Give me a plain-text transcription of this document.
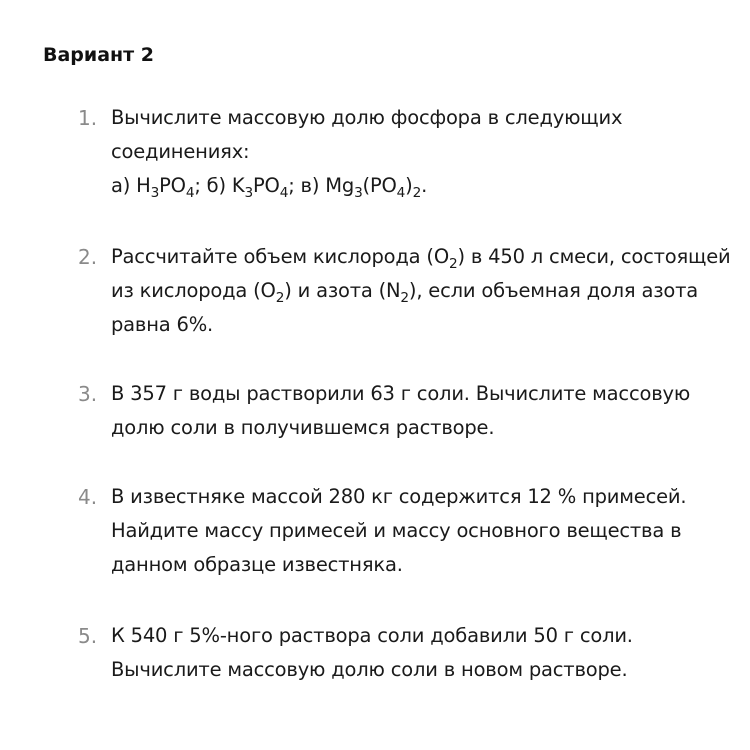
Вариант 2
1. Вычислите массовую долю фосфора в следующих
соединениях:
а) $H_3PO_4$; б) $K_3PO_4$; в) $Mg_3(PO_4)_2$.
2. Рассчитайте объем кислорода $(O_2)$ в 450 л смеси, состоящей
из кислорода $(O_2)$ и азота $(N_2)$, если объемная доля азота
равна 6%.
3. В 357 г воды растворили 63 г соли. Вычислите массовую
долю соли в получившемся растворе.
4. В известняке массой 280 кг содержится 12 % примесей.
Найдите массу примесей и массу основного вещества в
данном образце известняка.
5. К 540 г 5%-ного раствора соли добавили 50 г соли.
Вычислите массовую долю соли в новом растворе.
